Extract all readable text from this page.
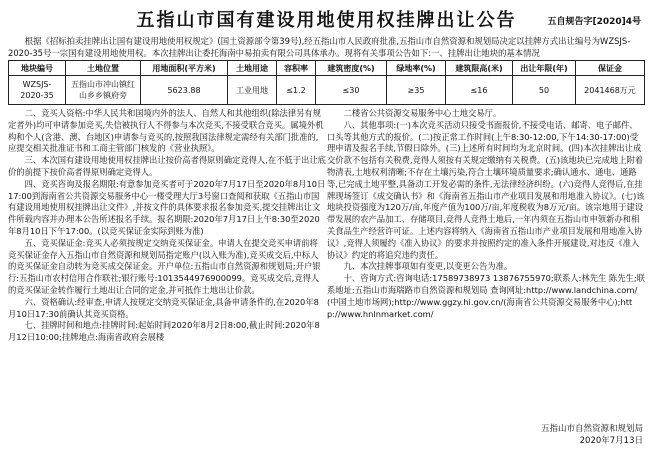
五指山市国有建设用地使用权挂牌出让公告	五自规告字[2020]4号
根据《招标拍卖挂牌出让国有建设用地使用权规定》(国土资源部令第39号),经五指山市人民政府批准,五指山市自然资源和规划局决定以挂牌方式出让编号为WZSJS-2020-35号一宗国有建设用地使用权。本次挂牌出让委托海南中易拍卖有限公司具体承办。现将有关事项公告如下:一、挂牌出让地块的基本情况
地块编号	土地位置	用地面积(平方米)	土地用途	容积率	建筑密度(%)	绿地率(%)	建筑限高(米)	出让年限(年)	保证金
WZSJS-2020-35	五指山市冲山镇红山乡乡镇府旁	5623.88	工业用地	≤1.2	≤30	≥35	≤16	50	2041468万元

二、竞买人资格:中华人民共和国境内外的法人、自然人和其他组织(除法律另有规定者外)均可申请参加竞买,失信被执行人不得参与本次竞买,不接受联合竞买。属境外机构和个人(含港、澳、台地区)申请参与竞买的,按照我国法律规定需经有关部门批准的,应提交相关批准证书和工商主管部门核发的《营业执照》。

三、本次国有建设用地使用权挂牌出让按价高者得原则确定竞得人,在不低于出让底价的前提下按价高者得原则确定竞得人。

四、竞买咨询及报名期限:有意参加竞买者可于2020年7月17日至2020年8月10日17:00到海南省公共资源交易服务中心一楼受理大厅3号窗口查阅和获取《五指山市国有建设用地使用权挂牌出让文件》,并按文件的具体要求报名参加竞买,提交挂牌出让文件所载内容并办理本公告所述报名手续。报名期限:2020年7月17日上午8:30至2020年8月10日下午17:00。(以竞买保证金实际到账为准)

五、竞买保证金:竞买人必须按规定交纳竞买保证金。申请人在提交竞买申请前将竞买保证金存入五指山市自然资源和规划局指定账户(以入账为准),竞买成交后,中标人的竞买保证金自动转为竞买成交保证金。开户单位:五指山市自然资源和规划局;开户银行:五指山市农村信用合作联社;银行账号:1013544976900099。竞买成交后,竞得人的竞买保证金转作履行土地出让合同的定金,并可抵作土地出让价款。

六、资格确认:经审查,申请人按规定交纳竞买保证金,具备申请条件的,在2020年8月10日17:30前确认其竞买资格。

七、挂牌时间和地点:挂牌时间:起始时间2020年8月2日8:00,截止时间:2020年8月12日10:00;挂牌地点:海南省政府会展楼

二楼省公共资源交易服务中心土地交易厅。

八、其他事项:(一)本次竞买活动只接受书面报价,不接受电话、邮寄、电子邮件、口头等其他方式的报价。(二)按正常工作时间(上午8:30-12:00,下午14:30-17:00)受理申请及报名手续,节假日除外。(三)上述所有时间均为北京时间。(四)本次挂牌出让成交价款不包括有关税费,竞得人须按有关规定缴纳有关税费。(五)该地块已完成地上附着物清表,土地权利清晰;不存在土壤污染,符合土壤环境质量要求;确认通水、通电、通路等,已完成土地平整,具备动工开发必需的条件,无法律经济纠纷。(六)竞得人竞得后,在挂牌现场签订《成交确认书》和《海南省五指山市产业项目发展和用地准入协议》。(七)该地块投资强度为120万/亩,年度产值为100万/亩,年度税收为8万元/亩。该宗地用于建设带发展的农产品加工、存储项目,竞得人竞得土地后,一年内须在五指山市申领新办和相关食品生产经营许可证。上述内容将纳入《海南省五指山市产业项目发展和用地准入协议》,竞得人须履约《准入协议》的要求并按照约定的准入条件开展建设,对违反《准入协议》约定的将追究违约责任。

九、本次挂牌事项如有变更,以变更公告为准。

十、咨询方式:咨询电话:17589738973 13876755970;联系人:林先生 陈先生;联系地址:五指山市海瑞路市自然资源和规划局 查询网址:http://www.landchina.com/(中国土地市场网);http://www.ggzy.hi.gov.cn/(海南省公共资源交易服务中心);http://www.hnlnmarket.com/

五指山市自然资源和规划局
2020年7月13日
